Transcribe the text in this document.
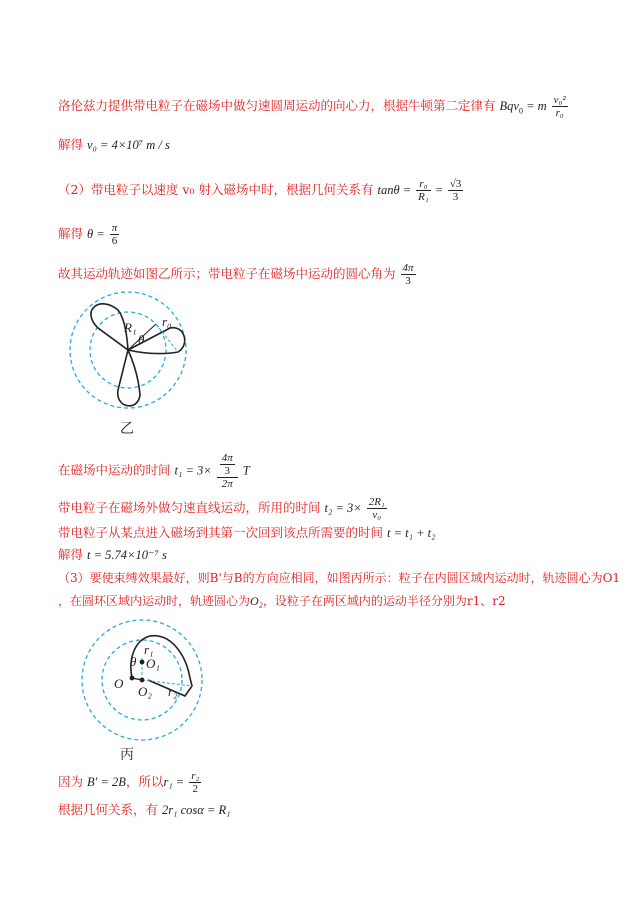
洛伦兹力提供带电粒子在磁场中做匀速圆周运动的向心力，根据牛顿第二定律有 Bqv$_0$ = m $\frac{\text{v₀²}}{\text{r₀}}$
解得 v₀ = 4×10⁷ m / s
（2）带电粒子以速度 v₀ 射入磁场中时，根据几何关系有 $\tan\theta = \frac{\text{r₀}}{\text{R₁}} = \frac{√3}{3}$
解得 $\theta = \frac{\pi}{6}$
故其运动轨迹如图乙所示；带电粒子在磁场中运动的圆心角为 $\frac{4\pi}{3}$
R₁ r₀
θ
乙
在磁场中运动的时间 $t_1 = 3\times \frac{\frac{4\pi}{3}}{2\pi}$ T
带电粒子在磁场外做匀速直线运动，所用的时间 $t_2 = 3\times \frac{\text{2R₁}}{\text{v₀}}$
带电粒子从某点进入磁场到其第一次回到该点所需要的时间 t = t₁ + t₂
解得 t = 5.74×10⁻⁷ s
（3）要使束缚效果最好，则B'与B的方向应相同，如图丙所示：粒子在内圆区域内运动时，轨迹圆心为O1
，在圆环区域内运动时，轨迹圆心为O₂，设粒子在两区域内的运动半径分别为r1、r2
O
O₁
O₂
r₁
r₂
θ
丙
因为 B′ = 2B，所以$r_1 = \frac{\text{r₂}}{2}$
根据几何关系，有 2r₁ cosα = R₁
